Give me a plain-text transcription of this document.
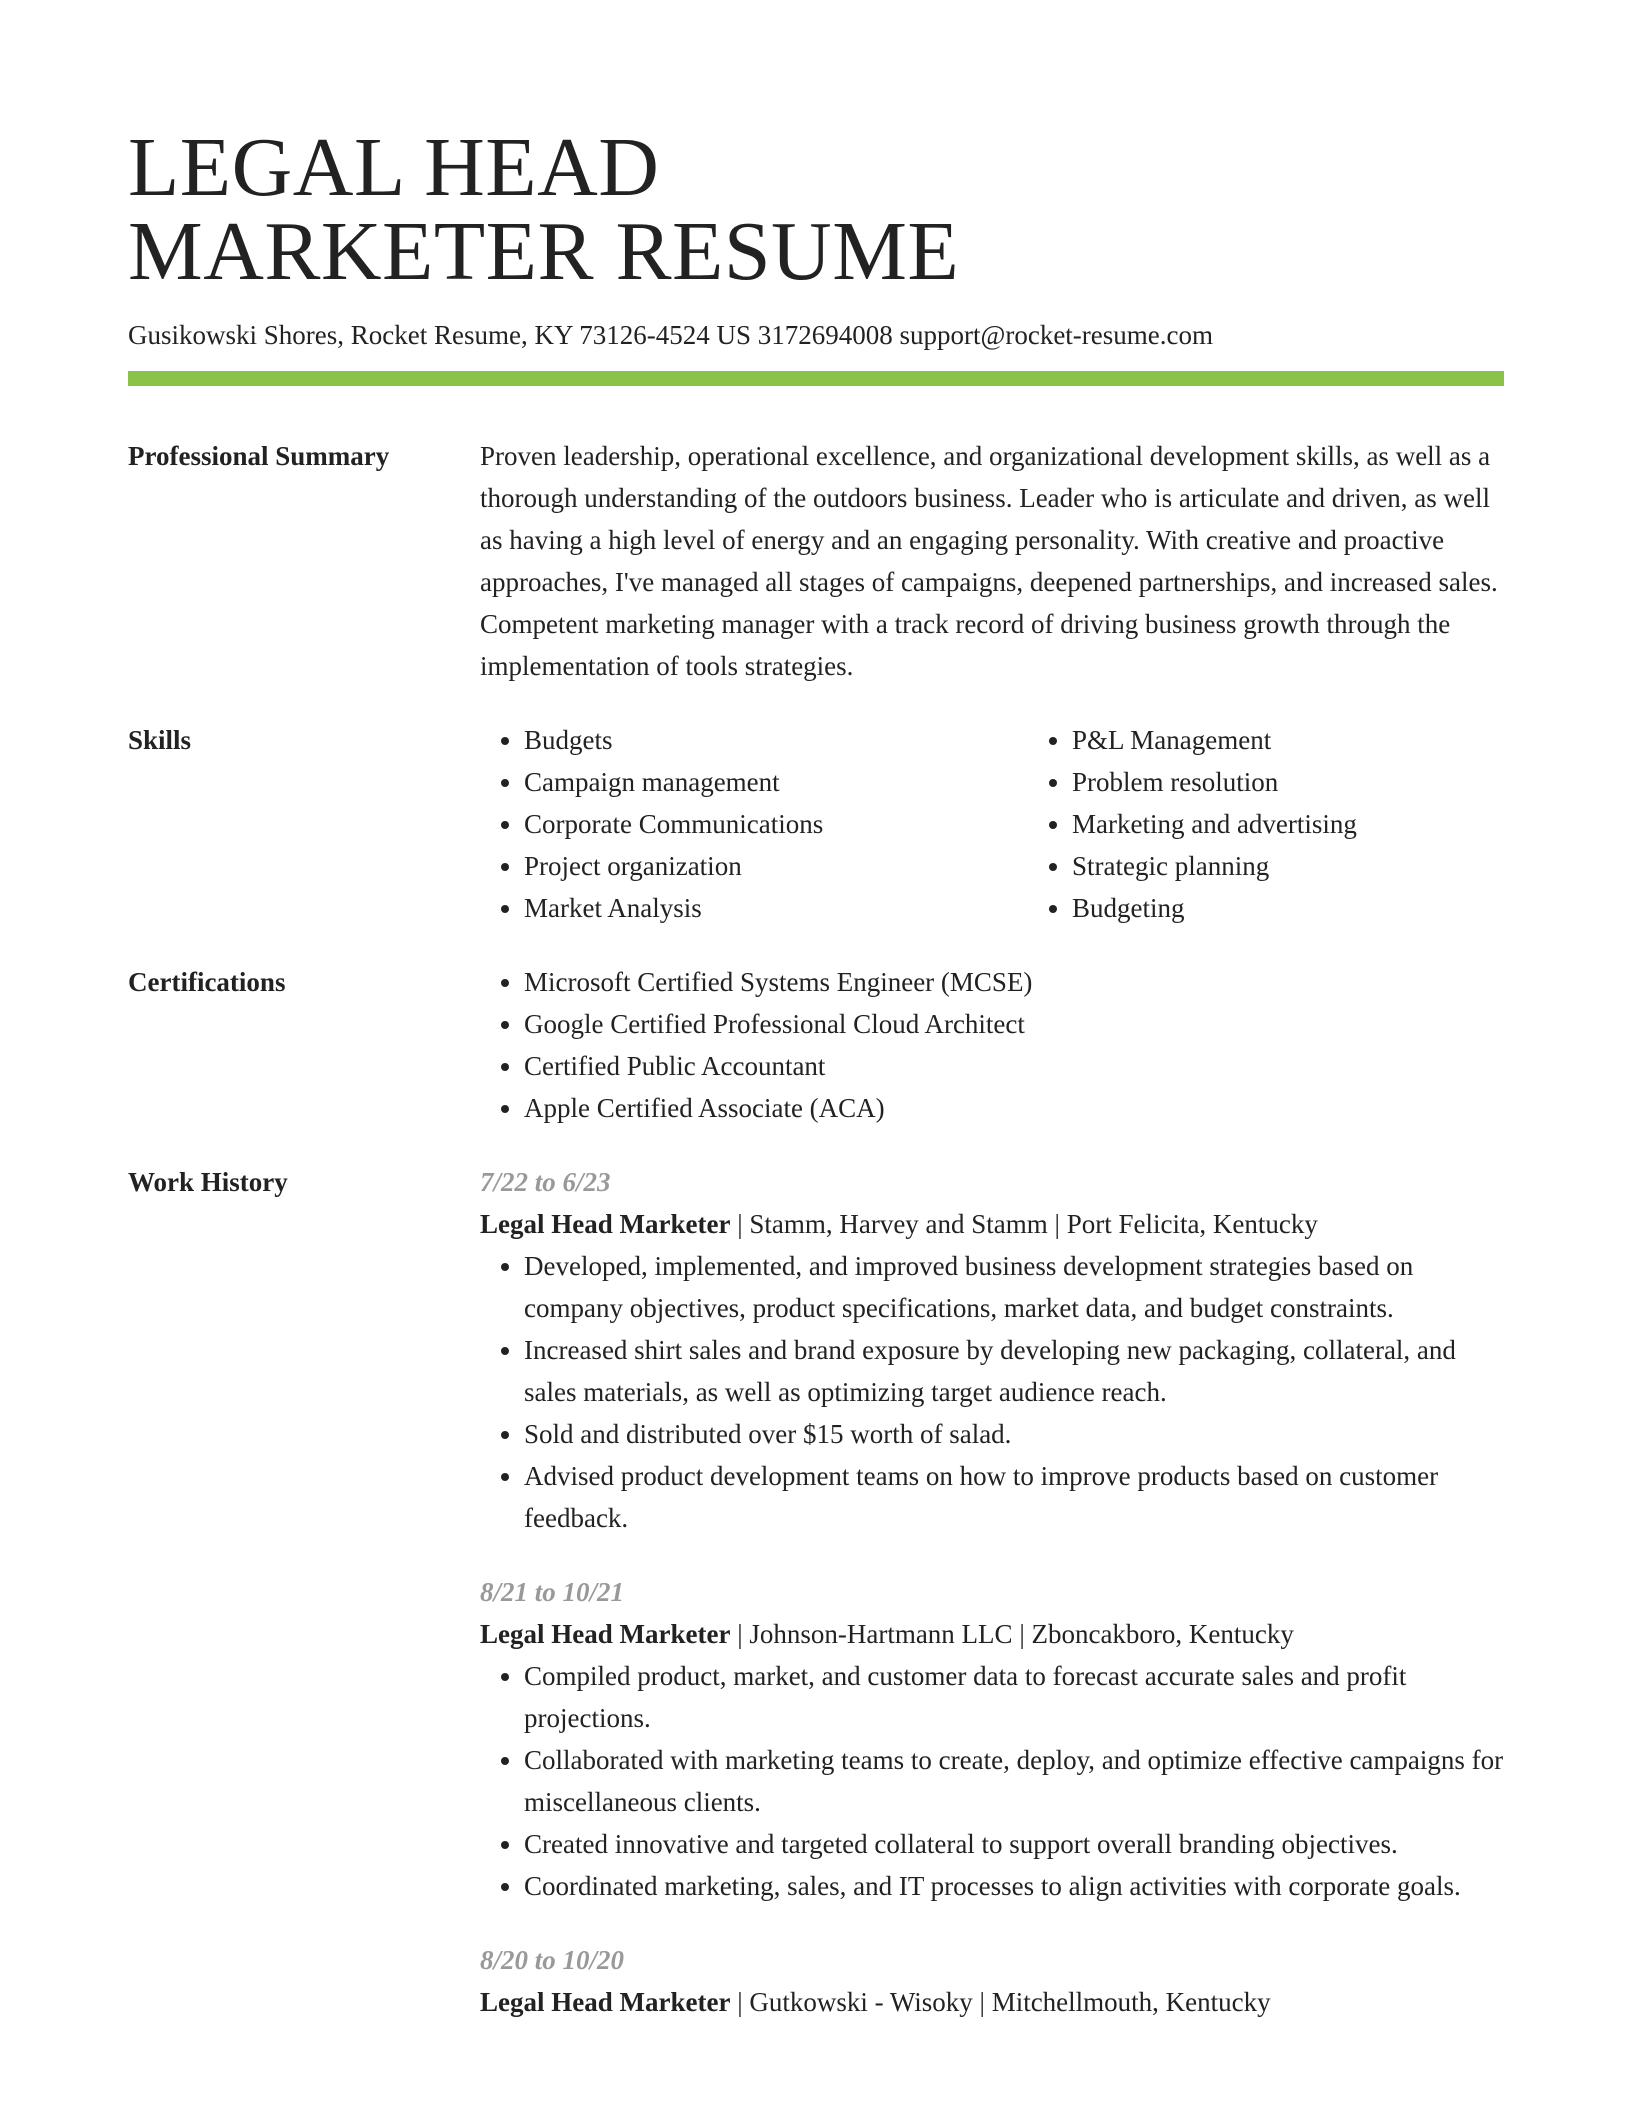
LEGAL HEAD
MARKETER RESUME
Gusikowski Shores, Rocket Resume, KY 73126-4524 US 3172694008 support@rocket-resume.com
Professional Summary	Proven leadership, operational excellence, and organizational development skills, as well as a thorough understanding of the outdoors business. Leader who is articulate and driven, as well as having a high level of energy and an engaging personality. With creative and proactive approaches, I've managed all stages of campaigns, deepened partnerships, and increased sales. Competent marketing manager with a track record of driving business growth through the implementation of tools strategies.

Skills	• Budgets
• Campaign management
• Corporate Communications
• Project organization
• Market Analysis
• P&L Management
• Problem resolution
• Marketing and advertising
• Strategic planning
• Budgeting
Certifications	• Microsoft Certified Systems Engineer (MCSE)
• Google Certified Professional Cloud Architect
• Certified Public Accountant
• Apple Certified Associate (ACA)
Work History	7/22 to 6/23
Legal Head Marketer | Stamm, Harvey and Stamm | Port Felicita, Kentucky
• Developed, implemented, and improved business development strategies based on company objectives, product specifications, market data, and budget constraints.
• Increased shirt sales and brand exposure by developing new packaging, collateral, and sales materials, as well as optimizing target audience reach.
• Sold and distributed over $15 worth of salad.
• Advised product development teams on how to improve products based on customer feedback.
8/21 to 10/21
Legal Head Marketer | Johnson-Hartmann LLC | Zboncakboro, Kentucky
• Compiled product, market, and customer data to forecast accurate sales and profit projections.
• Collaborated with marketing teams to create, deploy, and optimize effective campaigns for miscellaneous clients.
• Created innovative and targeted collateral to support overall branding objectives.
• Coordinated marketing, sales, and IT processes to align activities with corporate goals.
8/20 to 10/20
Legal Head Marketer | Gutkowski - Wisoky | Mitchellmouth, Kentucky
